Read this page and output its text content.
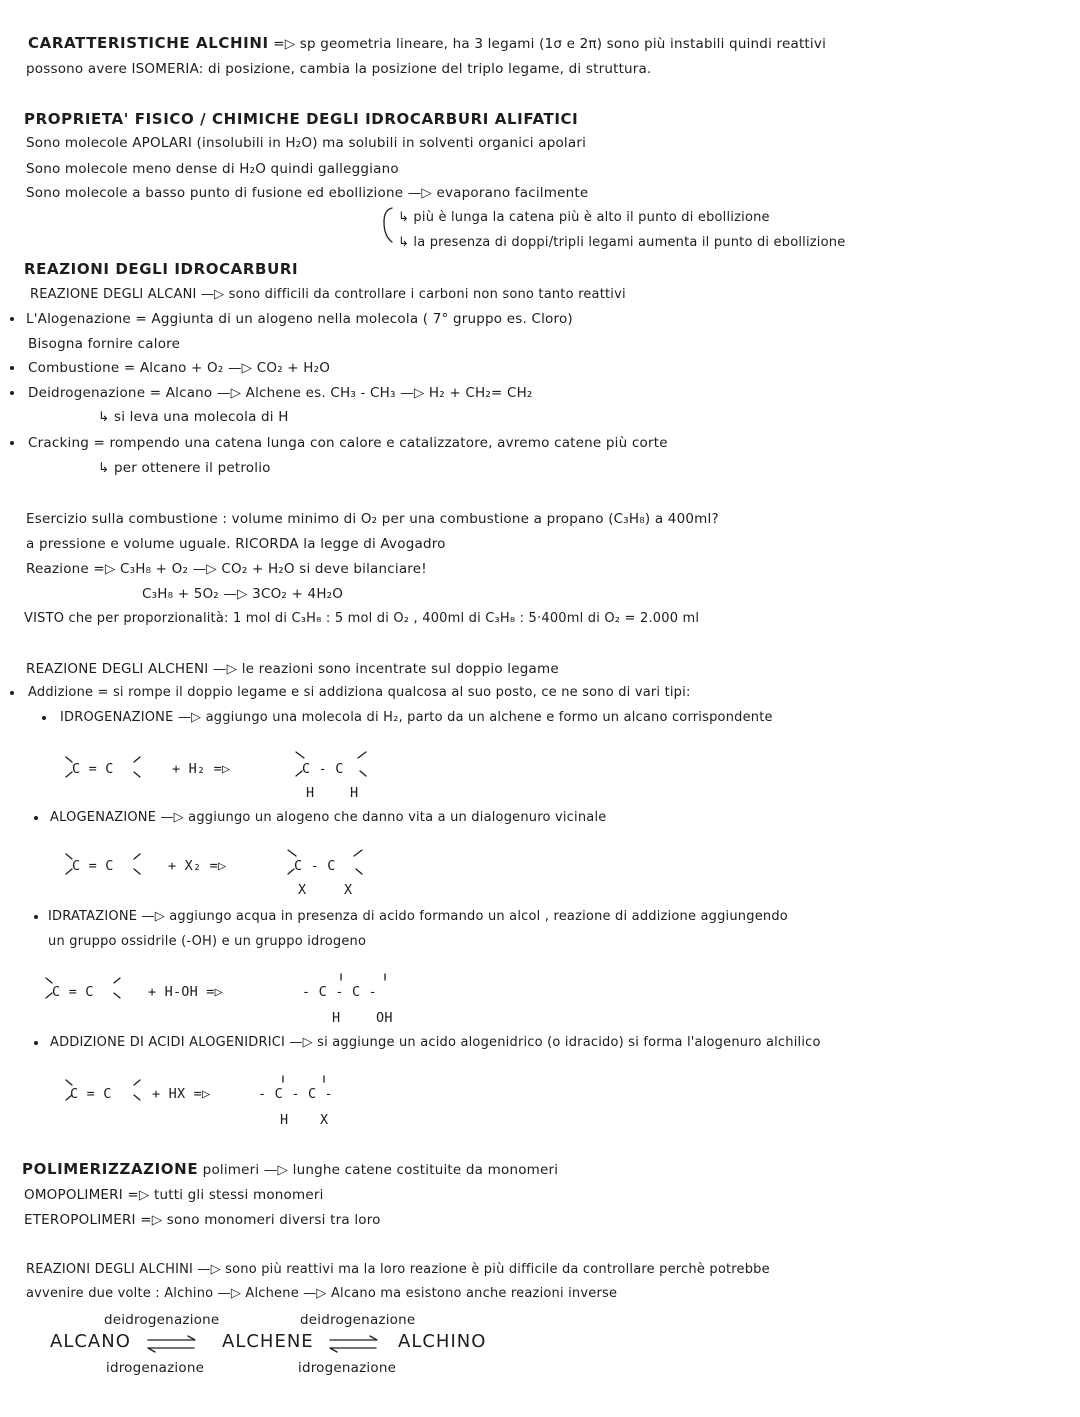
CARATTERISTICHE ALCHINI =▷ sp geometria lineare, ha 3 legami (1σ e 2π) sono più instabili quindi reattivi
possono avere ISOMERIA: di posizione, cambia la posizione del triplo legame, di struttura.
PROPRIETA' FISICO / CHIMICHE DEGLI IDROCARBURI ALIFATICI
Sono molecole APOLARI (insolubili in H₂O) ma solubili in solventi organici apolari
Sono molecole meno dense di H₂O quindi galleggiano
Sono molecole a basso punto di fusione ed ebollizione —▷ evaporano facilmente
↳ più è lunga la catena più è alto il punto di ebollizione
↳ la presenza di doppi/tripli legami aumenta il punto di ebollizione
REAZIONI DEGLI IDROCARBURI
REAZIONE DEGLI ALCANI —▷ sono difficili da controllare i carboni non sono tanto reattivi
L'Alogenazione = Aggiunta di un alogeno nella molecola ( 7° gruppo es. Cloro)
Bisogna fornire calore
Combustione = Alcano + O₂ —▷ CO₂ + H₂O
Deidrogenazione = Alcano —▷ Alchene es. CH₃ - CH₃ —▷ H₂ + CH₂= CH₂
↳ si leva una molecola di H
Cracking = rompendo una catena lunga con calore e catalizzatore, avremo catene più corte
↳ per ottenere il petrolio
Esercizio sulla combustione : volume minimo di O₂ per una combustione a propano (C₃H₈) a 400ml?
a pressione e volume uguale. RICORDA la legge di Avogadro
Reazione =▷ C₃H₈ + O₂ —▷ CO₂ + H₂O si deve bilanciare!
C₃H₈ + 5O₂ —▷ 3CO₂ + 4H₂O
VISTO che per proporzionalità: 1 mol di C₃H₈ : 5 mol di O₂ , 400ml di C₃H₈ : 5·400ml di O₂ = 2.000 ml
REAZIONE DEGLI ALCHENI —▷ le reazioni sono incentrate sul doppio legame
Addizione = si rompe il doppio legame e si addiziona qualcosa al suo posto, ce ne sono di vari tipi:
IDROGENAZIONE —▷ aggiungo una molecola di H₂, parto da un alchene e formo un alcano corrispondente
C = C	+ H₂ =▷	C - C
H	H
ALOGENAZIONE —▷ aggiungo un alogeno che danno vita a un dialogenuro vicinale
C = C	+ X₂ =▷	C - C
X	X
IDRATAZIONE —▷ aggiungo acqua in presenza di acido formando un alcol , reazione di addizione aggiungendo
un gruppo ossidrile (-OH) e un gruppo idrogeno
C = C	+ H-OH =▷	- C - C -
H	OH
ADDIZIONE DI ACIDI ALOGENIDRICI —▷ si aggiunge un acido alogenidrico (o idracido) si forma l'alogenuro alchilico
C = C	+ HX =▷	- C - C -
H X
POLIMERIZZAZIONE polimeri —▷ lunghe catene costituite da monomeri
OMOPOLIMERI =▷ tutti gli stessi monomeri
ETEROPOLIMERI =▷ sono monomeri diversi tra loro
REAZIONI DEGLI ALCHINI —▷ sono più reattivi ma la loro reazione è più difficile da controllare perchè potrebbe
avvenire due volte : Alchino —▷ Alchene —▷ Alcano ma esistono anche reazioni inverse
deidrogenazione	deidrogenazione
ALCANO	ALCHENE	ALCHINO
idrogenazione	idrogenazione
